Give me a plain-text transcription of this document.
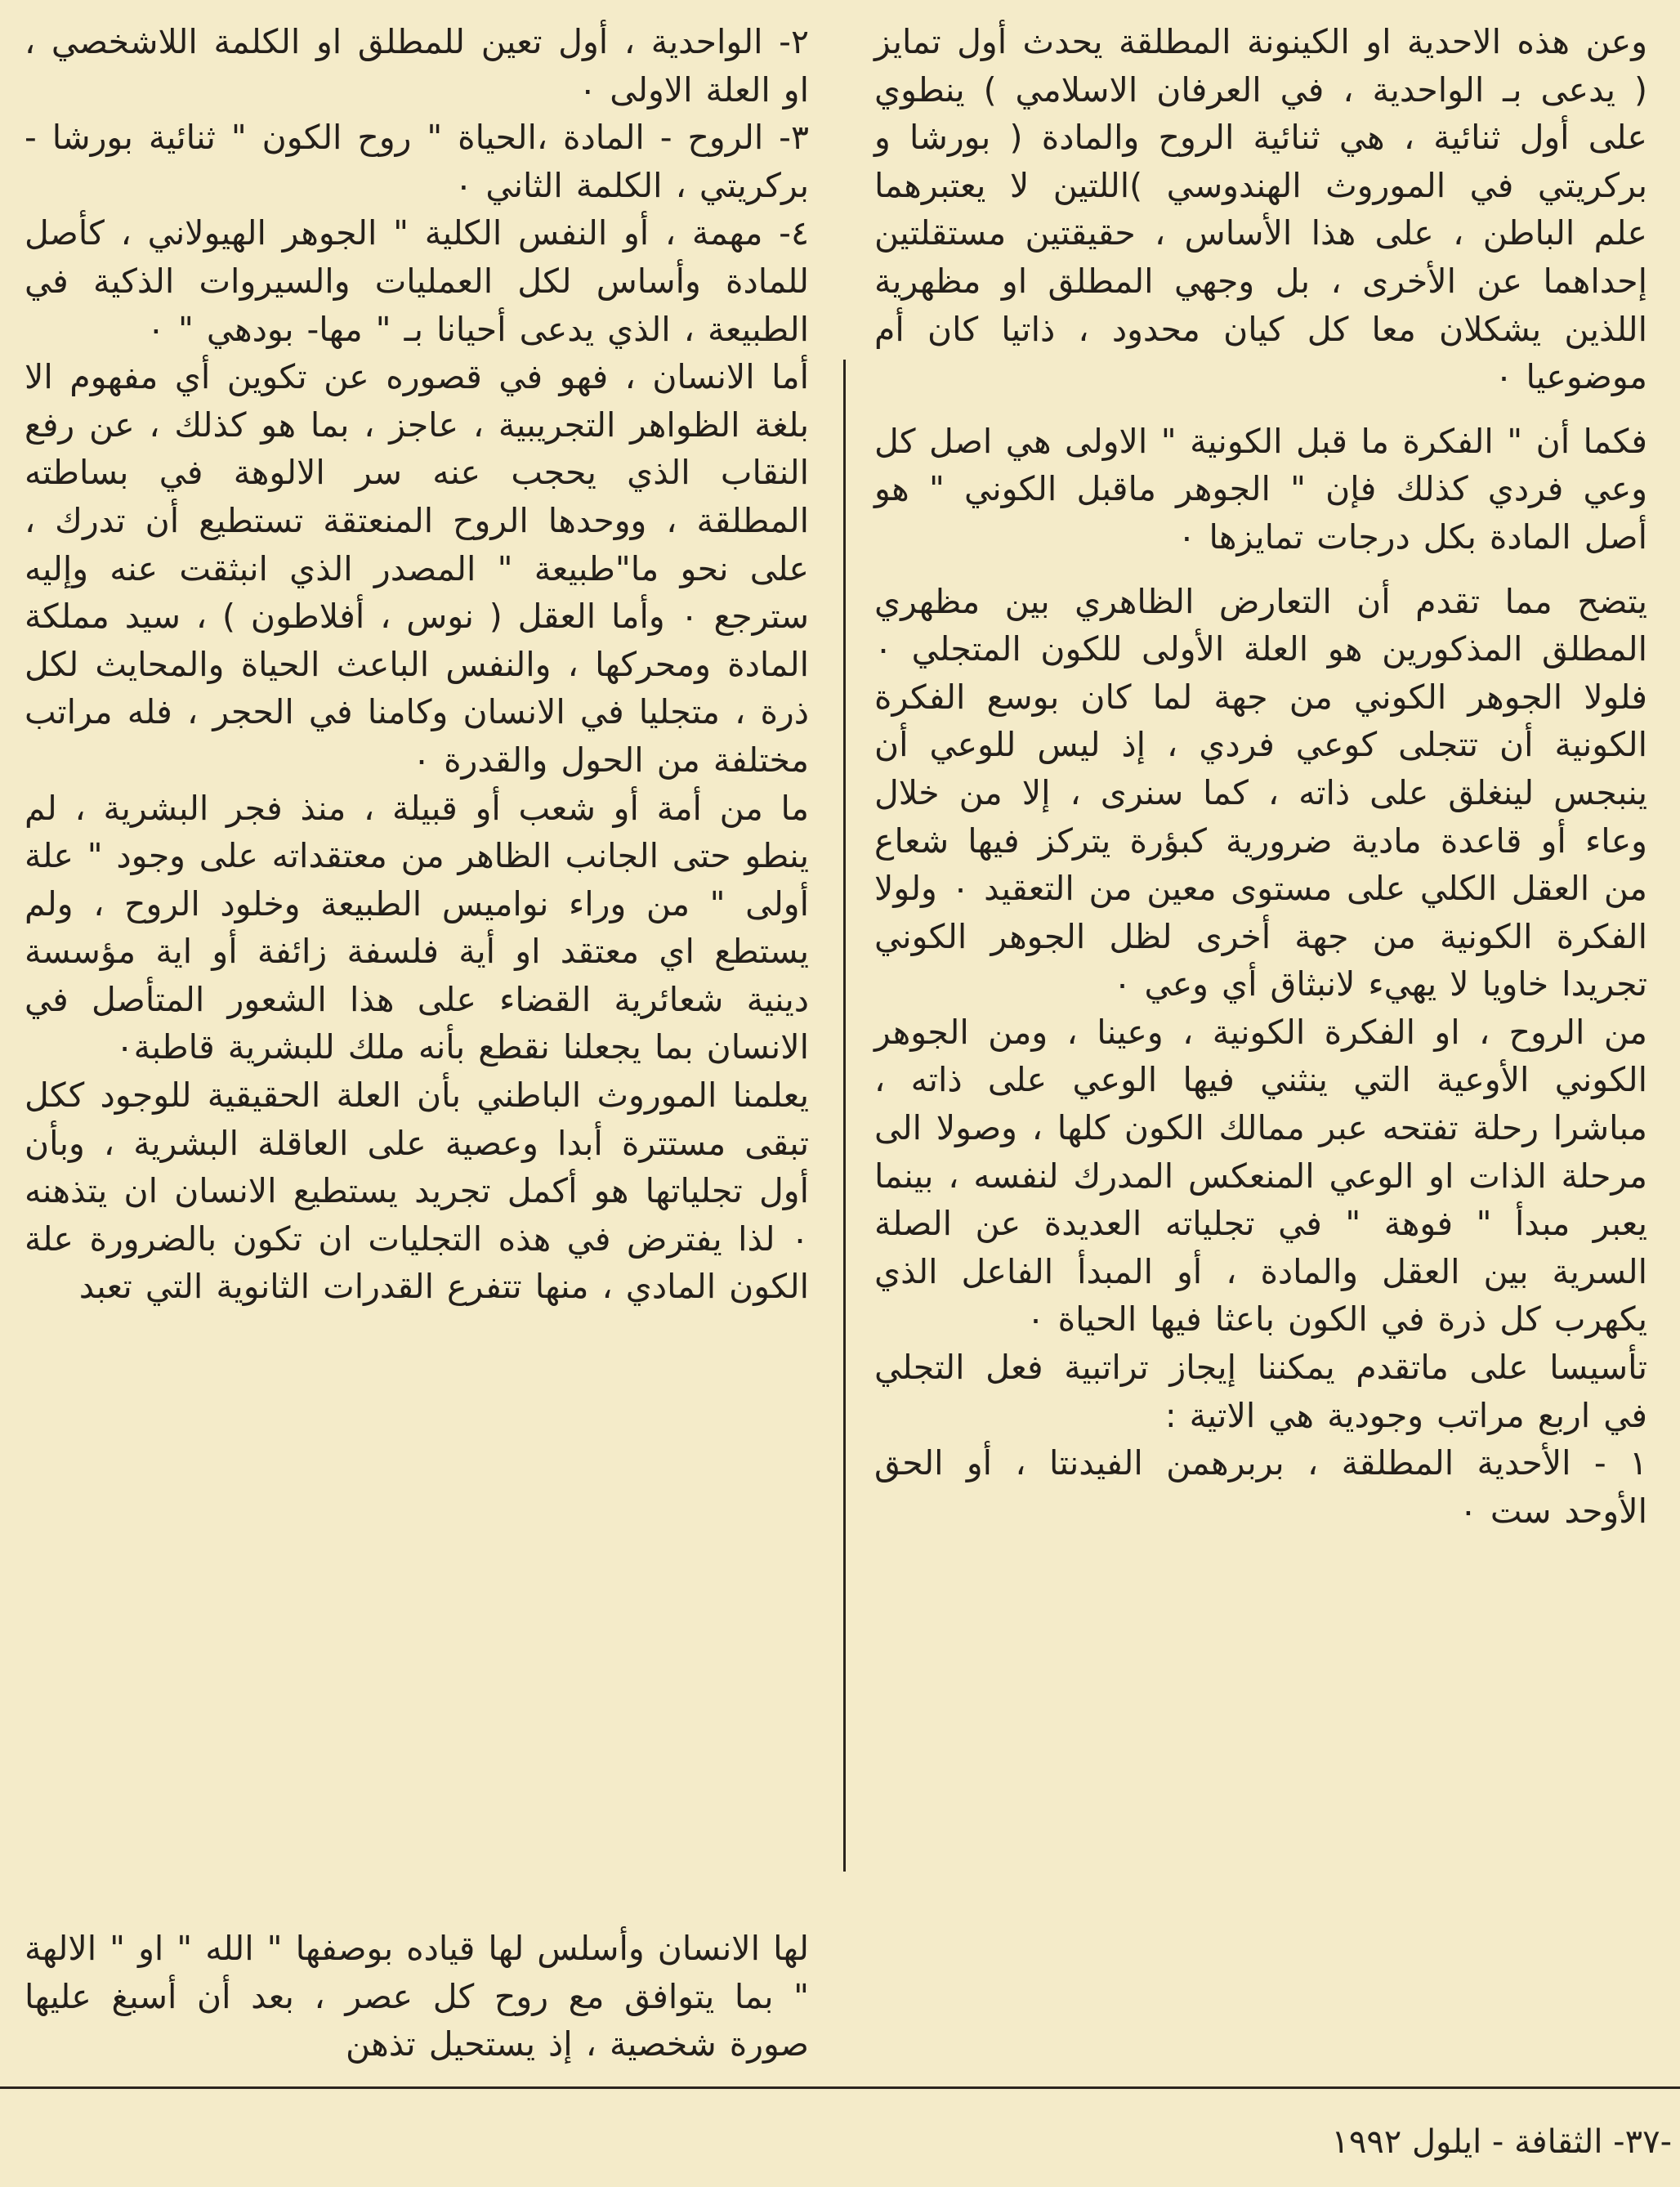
وعن هذه الاحدية او الكينونة المطلقة يحدث أول تمايز ( يدعى بـ الواحدية ، في العرفان الاسلامي ) ينطوي على أول ثنائية ، هي ثنائية الروح والمادة ( بورشا و بركريتي في الموروث الهندوسي )اللتين لا يعتبرهما علم الباطن ، على هذا الأساس ، حقيقتين مستقلتين إحداهما عن الأخرى ، بل وجهي المطلق او مظهرية اللذين يشكلان معا كل كيان محدود ، ذاتيا كان أم موضوعيا ٠

فكما أن " الفكرة ما قبل الكونية " الاولى هي اصل كل وعي فردي كذلك فإن " الجوهر ماقبل الكوني " هو أصل المادة بكل درجات تمايزها ٠

يتضح مما تقدم أن التعارض الظاهري بين مظهري المطلق المذكورين هو العلة الأولى للكون المتجلي ٠ فلولا الجوهر الكوني من جهة لما كان بوسع الفكرة الكونية أن تتجلى كوعي فردي ، إذ ليس للوعي أن ينبجس لينغلق على ذاته ، كما سنرى ، إلا من خلال وعاء أو قاعدة مادية ضرورية كبؤرة يتركز فيها شعاع من العقل الكلي على مستوى معين من التعقيد ٠ ولولا الفكرة الكونية من جهة أخرى لظل الجوهر الكوني تجريدا خاويا لا يهيء لانبثاق أي وعي ٠

من الروح ، او الفكرة الكونية ، وعينا ، ومن الجوهر الكوني الأوعية التي ينثني فيها الوعي على ذاته ، مباشرا رحلة تفتحه عبر ممالك الكون كلها ، وصولا الى مرحلة الذات او الوعي المنعكس المدرك لنفسه ، بينما يعبر مبدأ " فوهة " في تجلياته العديدة عن الصلة السرية بين العقل والمادة ، أو المبدأ الفاعل الذي يكهرب كل ذرة في الكون باعثا فيها الحياة ٠

تأسيسا على ماتقدم يمكننا إيجاز تراتبية فعل التجلي في اربع مراتب وجودية هي الاتية :

١ - الأحدية المطلقة ، بربرهمن الفيدنتا ، أو الحق الأوحد ست ٠

٢- الواحدية ، أول تعين للمطلق او الكلمة اللاشخصي ، او العلة الاولى ٠

٣- الروح - المادة ،الحياة " روح الكون " ثنائية بورشا - بركريتي ، الكلمة الثاني ٠

٤- مهمة ، أو النفس الكلية " الجوهر الهيولاني ، كأصل للمادة وأساس لكل العمليات والسيروات الذكية في الطبيعة ، الذي يدعى أحيانا بـ " مها- بودهي " ٠

أما الانسان ، فهو في قصوره عن تكوين أي مفهوم الا بلغة الظواهر التجريبية ، عاجز ، بما هو كذلك ، عن رفع النقاب الذي يحجب عنه سر الالوهة في بساطته المطلقة ، ووحدها الروح المنعتقة تستطيع أن تدرك ، على نحو ما"طبيعة " المصدر الذي انبثقت عنه وإليه سترجع ٠ وأما العقل ( نوس ، أفلاطون ) ، سيد مملكة المادة ومحركها ، والنفس الباعث الحياة والمحايث لكل ذرة ، متجليا في الانسان وكامنا في الحجر ، فله مراتب مختلفة من الحول والقدرة ٠

ما من أمة أو شعب أو قبيلة ، منذ فجر البشرية ، لم ينطو حتى الجانب الظاهر من معتقداته على وجود " علة أولى " من وراء نواميس الطبيعة وخلود الروح ، ولم يستطع اي معتقد او أية فلسفة زائفة أو اية مؤسسة دينية شعائرية القضاء على هذا الشعور المتأصل في الانسان بما يجعلنا نقطع بأنه ملك للبشرية قاطبة٠

يعلمنا الموروث الباطني بأن العلة الحقيقية للوجود ككل تبقى مستترة أبدا وعصية على العاقلة البشرية ، وبأن أول تجلياتها هو أكمل تجريد يستطيع الانسان ان يتذهنه ٠ لذا يفترض في هذه التجليات ان تكون بالضرورة علة الكون المادي ، منها تتفرع القدرات الثانوية التي تعبد

لها الانسان وأسلس لها قياده بوصفها " الله " او " الالهة " بما يتوافق مع روح كل عصر ، بعد أن أسبغ عليها صورة شخصية ، إذ يستحيل تذهن

-٣٧- الثقافة - ايلول ١٩٩٢
